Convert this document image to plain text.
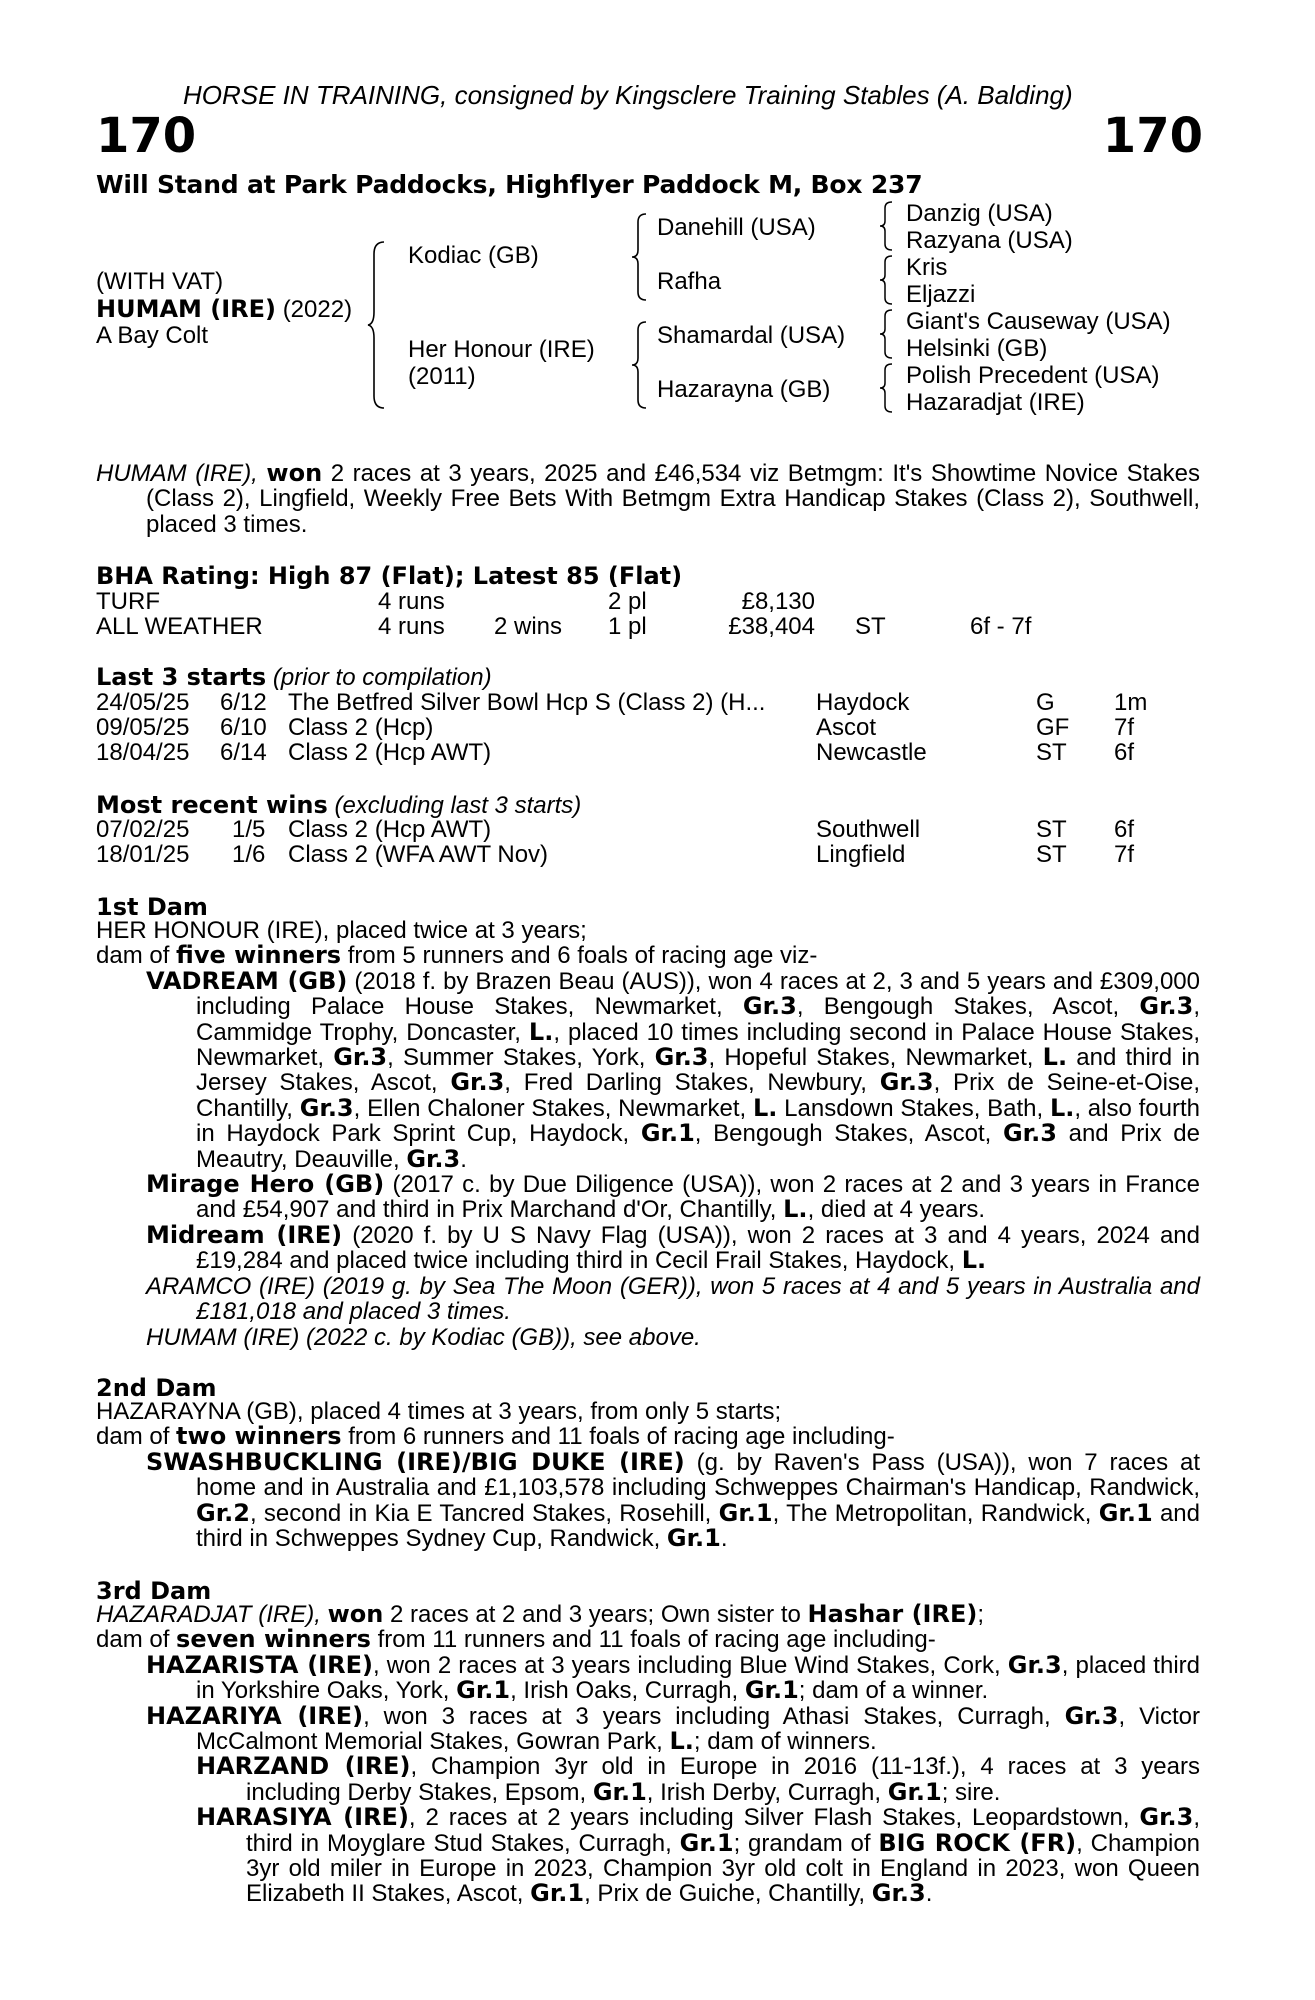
HORSE IN TRAINING, consigned by Kingsclere Training Stables (A. Balding)
170	170
Will Stand at Park Paddocks, Highflyer Paddock M, Box 237
(WITH VAT)
HUMAM (IRE) (2022)
A Bay Colt
Kodiac (GB)
Her Honour (IRE)
(2011)
Danehill (USA)
Rafha
Shamardal (USA)
Hazarayna (GB)
Danzig (USA)
Razyana (USA)
Kris
Eljazzi
Giant's Causeway (USA)
Helsinki (GB)
Polish Precedent (USA)
Hazaradjat (IRE)

HUMAM (IRE), won 2 races at 3 years, 2025 and £46,534 viz Betmgm: It's Showtime Novice Stakes (Class 2), Lingfield, Weekly Free Bets With Betmgm Extra Handicap Stakes (Class 2), Southwell, placed 3 times.

BHA Rating: High 87 (Flat); Latest 85 (Flat)
TURF	4 runs	2 pl	£8,130
ALL WEATHER	4 runs 2 wins 1 pl	£38,404 ST	6f - 7f
Last 3 starts (prior to compilation)
24/05/25 6/12 The Betfred Silver Bowl Hcp S (Class 2) (H... Haydock	G 1m
09/05/25 6/10 Class 2 (Hcp)	Ascot	GF 7f
18/04/25 6/14 Class 2 (Hcp AWT)	Newcastle	ST 6f
Most recent wins (excluding last 3 starts)
07/02/25 1/5 Class 2 (Hcp AWT)	Southwell	ST 6f
18/01/25 1/6 Class 2 (WFA AWT Nov)	Lingfield	ST 7f
1st Dam

HER HONOUR (IRE), placed twice at 3 years;

dam of five winners from 5 runners and 6 foals of racing age viz-

VADREAM (GB) (2018 f. by Brazen Beau (AUS)), won 4 races at 2, 3 and 5 years and £309,000 including Palace House Stakes, Newmarket, Gr.3, Bengough Stakes, Ascot, Gr.3, Cammidge Trophy, Doncaster, L., placed 10 times including second in Palace House Stakes, Newmarket, Gr.3, Summer Stakes, York, Gr.3, Hopeful Stakes, Newmarket, L. and third in Jersey Stakes, Ascot, Gr.3, Fred Darling Stakes, Newbury, Gr.3, Prix de Seine-et-Oise, Chantilly, Gr.3, Ellen Chaloner Stakes, Newmarket, L. Lansdown Stakes, Bath, L., also fourth in Haydock Park Sprint Cup, Haydock, Gr.1, Bengough Stakes, Ascot, Gr.3 and Prix de Meautry, Deauville, Gr.3.

Mirage Hero (GB) (2017 c. by Due Diligence (USA)), won 2 races at 2 and 3 years in France and £54,907 and third in Prix Marchand d'Or, Chantilly, L., died at 4 years.

Midream (IRE) (2020 f. by U S Navy Flag (USA)), won 2 races at 3 and 4 years, 2024 and £19,284 and placed twice including third in Cecil Frail Stakes, Haydock, L.

ARAMCO (IRE) (2019 g. by Sea The Moon (GER)), won 5 races at 4 and 5 years in Australia and £181,018 and placed 3 times.

HUMAM (IRE) (2022 c. by Kodiac (GB)), see above.

2nd Dam

HAZARAYNA (GB), placed 4 times at 3 years, from only 5 starts;

dam of two winners from 6 runners and 11 foals of racing age including-

SWASHBUCKLING (IRE)/BIG DUKE (IRE) (g. by Raven's Pass (USA)), won 7 races at home and in Australia and £1,103,578 including Schweppes Chairman's Handicap, Randwick, Gr.2, second in Kia E Tancred Stakes, Rosehill, Gr.1, The Metropolitan, Randwick, Gr.1 and third in Schweppes Sydney Cup, Randwick, Gr.1.

3rd Dam

HAZARADJAT (IRE), won 2 races at 2 and 3 years; Own sister to Hashar (IRE);

dam of seven winners from 11 runners and 11 foals of racing age including-

HAZARISTA (IRE), won 2 races at 3 years including Blue Wind Stakes, Cork, Gr.3, placed third in Yorkshire Oaks, York, Gr.1, Irish Oaks, Curragh, Gr.1; dam of a winner.

HAZARIYA (IRE), won 3 races at 3 years including Athasi Stakes, Curragh, Gr.3, Victor McCalmont Memorial Stakes, Gowran Park, L.; dam of winners.

HARZAND (IRE), Champion 3yr old in Europe in 2016 (11-13f.), 4 races at 3 years including Derby Stakes, Epsom, Gr.1, Irish Derby, Curragh, Gr.1; sire.

HARASIYA (IRE), 2 races at 2 years including Silver Flash Stakes, Leopardstown, Gr.3, third in Moyglare Stud Stakes, Curragh, Gr.1; grandam of BIG ROCK (FR), Champion 3yr old miler in Europe in 2023, Champion 3yr old colt in England in 2023, won Queen Elizabeth II Stakes, Ascot, Gr.1, Prix de Guiche, Chantilly, Gr.3.
